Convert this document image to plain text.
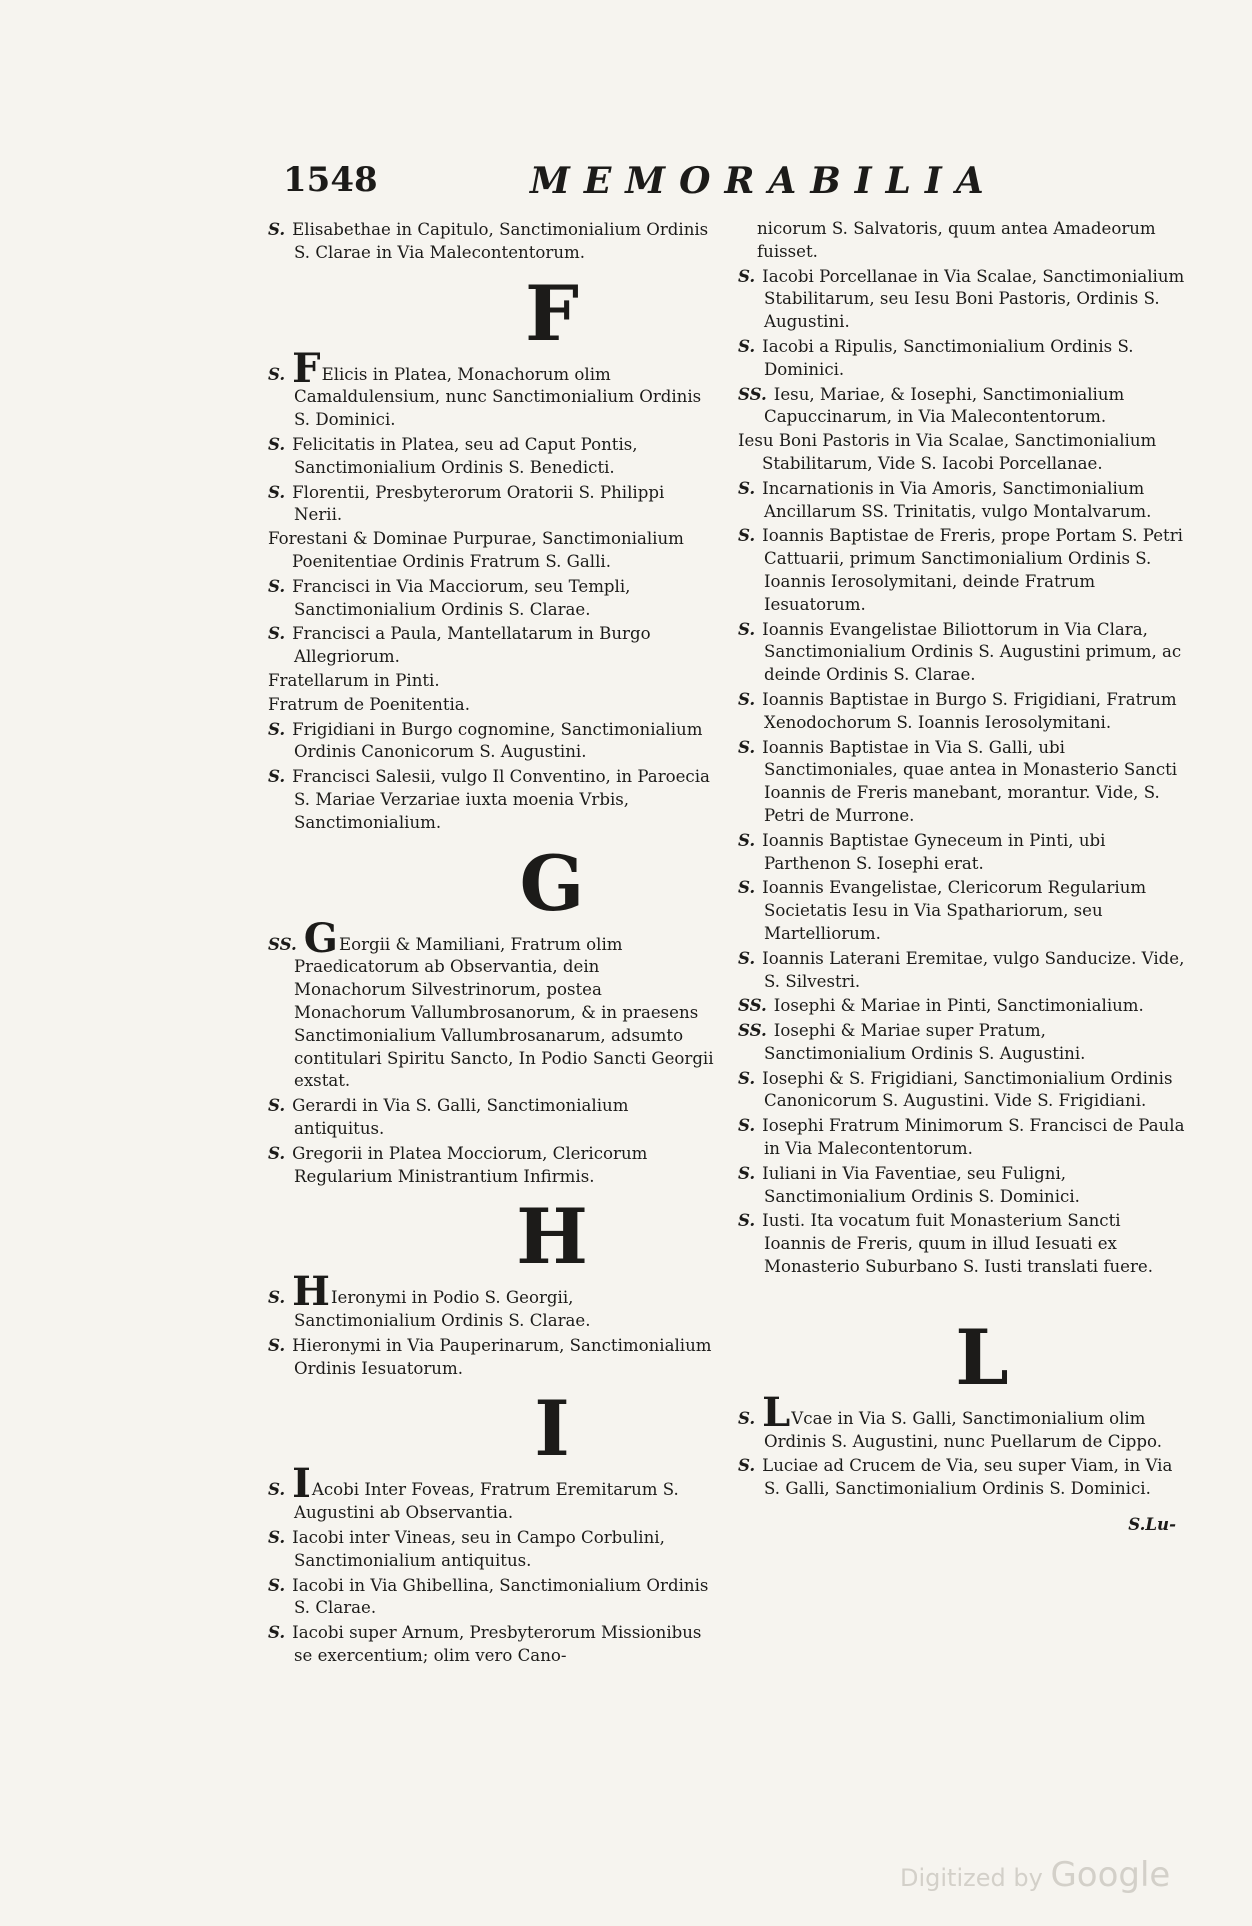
1548	MEMORABILIA
S. Elisabethae in Capitulo, Sanctimonialium Ordinis S. Clarae in Via Malecontentorum.
F
S. FElicis in Platea, Monachorum olim Camaldulensium, nunc Sanctimonialium Ordinis S. Dominici.
S. Felicitatis in Platea, seu ad Caput Pontis, Sanctimonialium Ordinis S. Benedicti.
S. Florentii, Presbyterorum Oratorii S. Philippi Nerii.
Forestani & Dominae Purpurae, Sanctimonialium Poenitentiae Ordinis Fratrum S. Galli.
S. Francisci in Via Macciorum, seu Templi, Sanctimonialium Ordinis S. Clarae.
S. Francisci a Paula, Mantellatarum in Burgo Allegriorum.
Fratellarum in Pinti.
Fratrum de Poenitentia.
S. Frigidiani in Burgo cognomine, Sanctimonialium Ordinis Canonicorum S. Augustini.
S. Francisci Salesii, vulgo Il Conventino, in Paroecia S. Mariae Verzariae iuxta moenia Vrbis, Sanctimonialium.
G
SS. GEorgii & Mamiliani, Fratrum olim Praedicatorum ab Observantia, dein Monachorum Silvestrinorum, postea Monachorum Vallumbrosanorum, & in praesens Sanctimonialium Vallumbrosanarum, adsumto contitulari Spiritu Sancto, In Podio Sancti Georgii exstat.
S. Gerardi in Via S. Galli, Sanctimonialium antiquitus.
S. Gregorii in Platea Mocciorum, Clericorum Regularium Ministrantium Infirmis.
H
S. HIeronymi in Podio S. Georgii, Sanctimonialium Ordinis S. Clarae.
S. Hieronymi in Via Pauperinarum, Sanctimonialium Ordinis Iesuatorum.
I
S. IAcobi Inter Foveas, Fratrum Eremitarum S. Augustini ab Observantia.
S. Iacobi inter Vineas, seu in Campo Corbulini, Sanctimonialium antiquitus.
S. Iacobi in Via Ghibellina, Sanctimonialium Ordinis S. Clarae.
S. Iacobi super Arnum, Presbyterorum Missionibus se exercentium; olim vero Cano-
nicorum S. Salvatoris, quum antea Amadeorum fuisset.
S. Iacobi Porcellanae in Via Scalae, Sanctimonialium Stabilitarum, seu Iesu Boni Pastoris, Ordinis S. Augustini.
S. Iacobi a Ripulis, Sanctimonialium Ordinis S. Dominici.
SS. Iesu, Mariae, & Iosephi, Sanctimonialium Capuccinarum, in Via Malecontentorum.
Iesu Boni Pastoris in Via Scalae, Sanctimonialium Stabilitarum, Vide S. Iacobi Porcellanae.
S. Incarnationis in Via Amoris, Sanctimonialium Ancillarum SS. Trinitatis, vulgo Montalvarum.
S. Ioannis Baptistae de Freris, prope Portam S. Petri Cattuarii, primum Sanctimonialium Ordinis S. Ioannis Ierosolymitani, deinde Fratrum Iesuatorum.
S. Ioannis Evangelistae Biliottorum in Via Clara, Sanctimonialium Ordinis S. Augustini primum, ac deinde Ordinis S. Clarae.
S. Ioannis Baptistae in Burgo S. Frigidiani, Fratrum Xenodochorum S. Ioannis Ierosolymitani.
S. Ioannis Baptistae in Via S. Galli, ubi Sanctimoniales, quae antea in Monasterio Sancti Ioannis de Freris manebant, morantur. Vide, S. Petri de Murrone.
S. Ioannis Baptistae Gyneceum in Pinti, ubi Parthenon S. Iosephi erat.
S. Ioannis Evangelistae, Clericorum Regularium Societatis Iesu in Via Spathariorum, seu Martelliorum.
S. Ioannis Laterani Eremitae, vulgo Sanducize. Vide, S. Silvestri.
SS. Iosephi & Mariae in Pinti, Sanctimonialium.
SS. Iosephi & Mariae super Pratum, Sanctimonialium Ordinis S. Augustini.
S. Iosephi & S. Frigidiani, Sanctimonialium Ordinis Canonicorum S. Augustini. Vide S. Frigidiani.
S. Iosephi Fratrum Minimorum S. Francisci de Paula in Via Malecontentorum.
S. Iuliani in Via Faventiae, seu Fuligni, Sanctimonialium Ordinis S. Dominici.
S. Iusti. Ita vocatum fuit Monasterium Sancti Ioannis de Freris, quum in illud Iesuati ex Monasterio Suburbano S. Iusti translati fuere.
L
S. LVcae in Via S. Galli, Sanctimonialium olim Ordinis S. Augustini, nunc Puellarum de Cippo.
S. Luciae ad Crucem de Via, seu super Viam, in Via S. Galli, Sanctimonialium Ordinis S. Dominici.
S.Lu-
Digitized by Google
